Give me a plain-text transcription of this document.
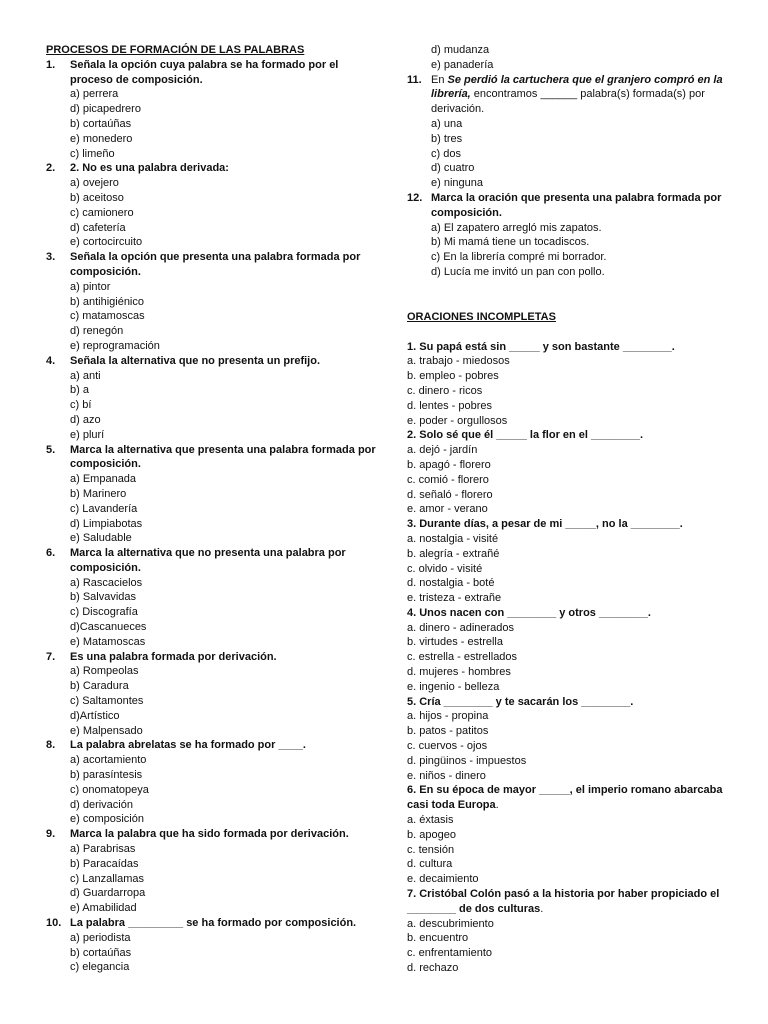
PROCESOS DE FORMACIÓN DE LAS PALABRAS
1.	Señala la opción cuya palabra se ha formado por el proceso de composición.
a) perrera
d) picapedrero
b) cortaúñas
e) monedero
c) limeño
2.	2. No es una palabra derivada:
a) ovejero
b) aceitoso
c) camionero
d) cafetería
e) cortocircuito
3.	Señala la opción que presenta una palabra formada por composición.
a) pintor
b) antihigiénico
c) matamoscas
d) renegón
e) reprogramación
4.	Señala la alternativa que no presenta un prefijo.
a) anti
b) a
c) bí
d) azo
e) plurí
5.	Marca la alternativa que presenta una palabra formada por composición.
a) Empanada
b) Marinero
c) Lavandería
d) Limpiabotas
e) Saludable
6.	Marca la alternativa que no presenta una palabra por composición.
a) Rascacielos
b) Salvavidas
c) Discografía
d)Cascanueces
e) Matamoscas
7.	Es una palabra formada por derivación.
a) Rompeolas
b) Caradura
c) Saltamontes
d)Artístico
e) Malpensado
8.	La palabra abrelatas se ha formado por ____.
a) acortamiento
b) parasíntesis
c) onomatopeya
d) derivación
e) composición
9.	Marca la palabra que ha sido formada por derivación.
a) Parabrisas
b) Paracaídas
c) Lanzallamas
d) Guardarropa
e) Amabilidad
10. La palabra _________ se ha formado por composición.
a) periodista
b) cortaúñas
c) elegancia
d) mudanza
e) panadería
11. En Se perdió la cartuchera que el granjero compró en la librería, encontramos ______ palabra(s) formada(s) por derivación.
a) una
b) tres
c) dos
d) cuatro
e) ninguna
12. Marca la oración que presenta una palabra formada por composición.
a) El zapatero arregló mis zapatos.
b) Mi mamá tiene un tocadiscos.
c) En la librería compré mi borrador.
d) Lucía me invitó un pan con pollo.
ORACIONES INCOMPLETAS
1. Su papá está sin _____ y son bastante ________.
a. trabajo - miedosos
b. empleo - pobres
c. dinero - ricos
d. lentes - pobres
e. poder - orgullosos
2. Solo sé que él _____ la flor en el ________.
a. dejó - jardín
b. apagó - florero
c. comió - florero
d. señaló - florero
e. amor - verano
3. Durante días, a pesar de mi _____, no la ________.
a. nostalgia - visité
b. alegría - extrañé
c. olvido - visité
d. nostalgia - boté
e. tristeza - extrañe
4. Unos nacen con ________ y otros ________.
a. dinero - adinerados
b. virtudes - estrella
c. estrella - estrellados
d. mujeres - hombres
e. ingenio - belleza
5. Cría ________ y te sacarán los ________.
a. hijos - propina
b. patos - patitos
c. cuervos - ojos
d. pingüinos - impuestos
e. niños - dinero
6. En su época de mayor _____, el imperio romano abarcaba casi toda Europa.
a. éxtasis
b. apogeo
c. tensión
d. cultura
e. decaimiento
7. Cristóbal Colón pasó a la historia por haber propiciado el ________ de dos culturas.
a. descubrimiento
b. encuentro
c. enfrentamiento
d. rechazo
